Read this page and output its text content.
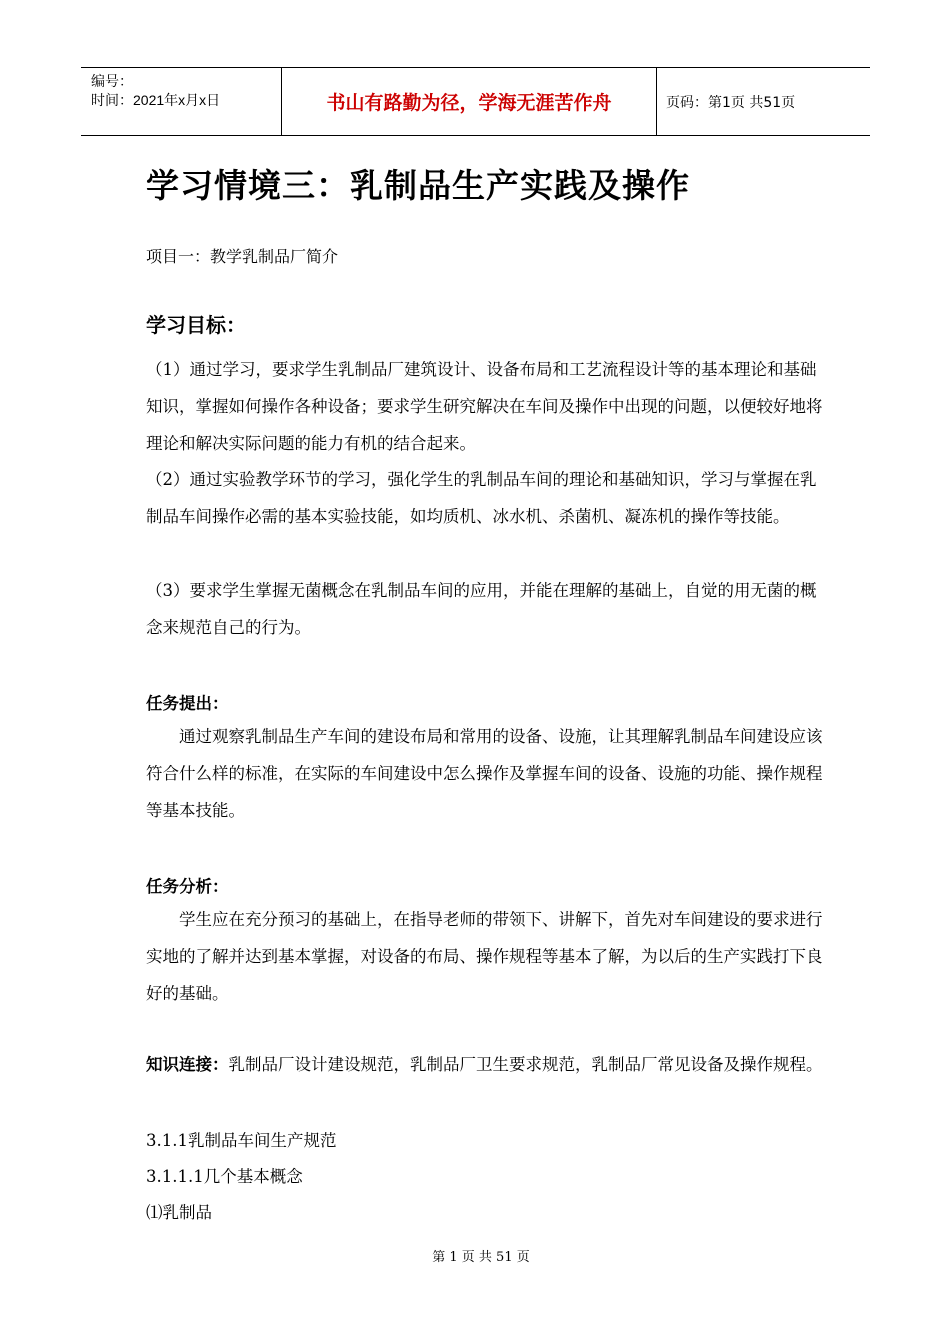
编号：
时间：2021年x月x日	书山有路勤为径，学海无涯苦作舟	页码：第1页 共51页
学习情境三：乳制品生产实践及操作
项目一：教学乳制品厂简介
学习目标：

（1）通过学习，要求学生乳制品厂建筑设计、设备布局和工艺流程设计等的基本理论和基础知识，掌握如何操作各种设备；要求学生研究解决在车间及操作中出现的问题，以便较好地将理论和解决实际问题的能力有机的结合起来。

（2）通过实验教学环节的学习，强化学生的乳制品车间的理论和基础知识，学习与掌握在乳制品车间操作必需的基本实验技能，如均质机、冰水机、杀菌机、凝冻机的操作等技能。

（3）要求学生掌握无菌概念在乳制品车间的应用，并能在理解的基础上，自觉的用无菌的概念来规范自己的行为。

任务提出：
通过观察乳制品生产车间的建设布局和常用的设备、设施，让其理解乳制品车间建设应该符合什么样的标准，在实际的车间建设中怎么操作及掌握车间的设备、设施的功能、操作规程等基本技能。
任务分析：
学生应在充分预习的基础上，在指导老师的带领下、讲解下，首先对车间建设的要求进行实地的了解并达到基本掌握，对设备的布局、操作规程等基本了解，为以后的生产实践打下良好的基础。
知识连接：乳制品厂设计建设规范，乳制品厂卫生要求规范，乳制品厂常见设备及操作规程。
3.1.1乳制品车间生产规范
3.1.1.1几个基本概念
⑴乳制品
第 1 页 共 51 页
